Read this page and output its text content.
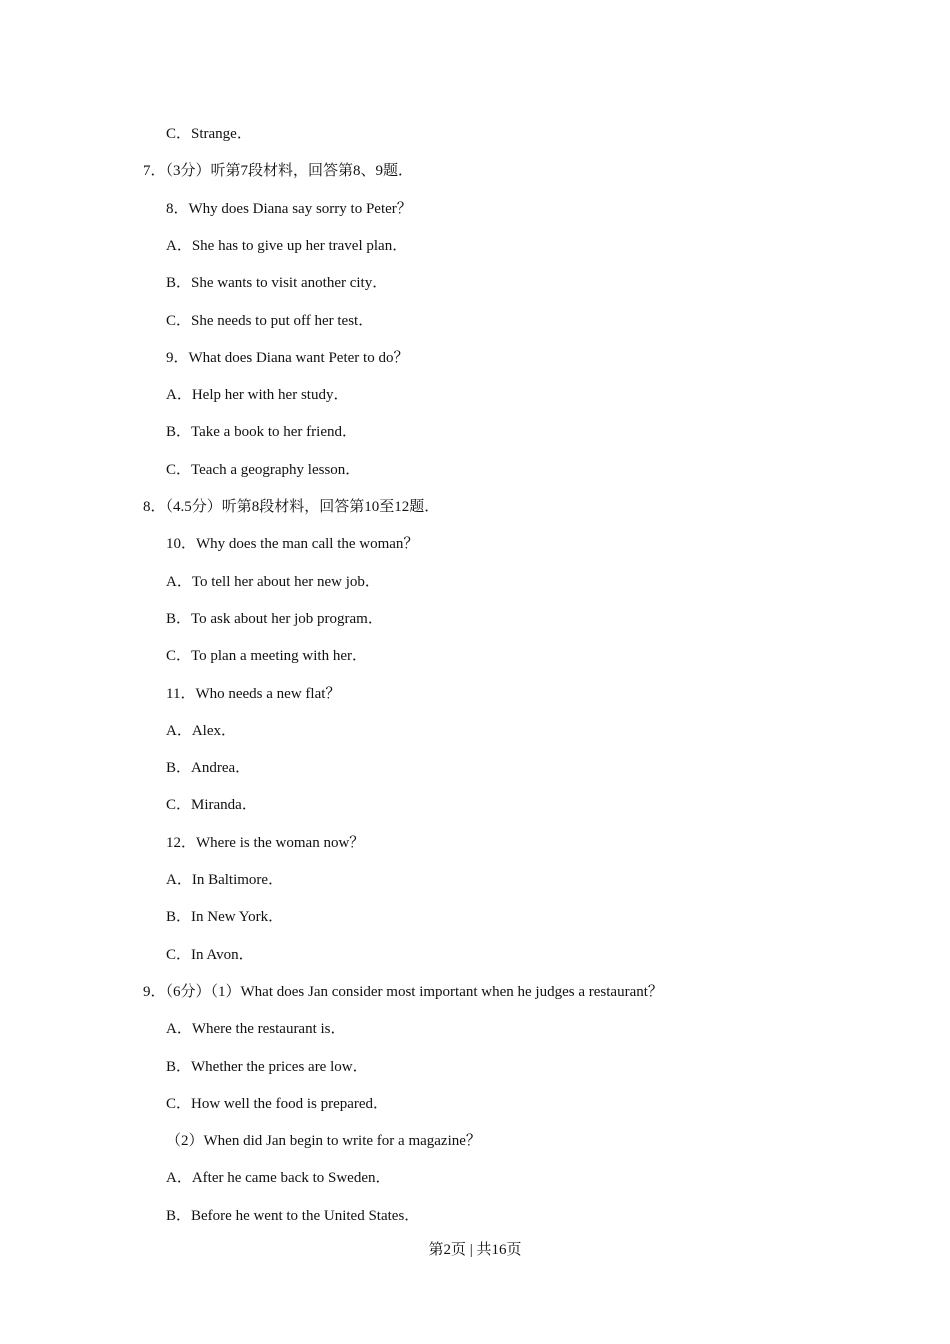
C．Strange．
7．（3分）听第7段材料，回答第8、9题．
8．Why does Diana say sorry to Peter？
A．She has to give up her travel plan．
B．She wants to visit another city．
C．She needs to put off her test．
9．What does Diana want Peter to do？
A．Help her with her study．
B．Take a book to her friend．
C．Teach a geography lesson．
8．（4.5分）听第8段材料，回答第10至12题．
10．Why does the man call the woman？
A．To tell her about her new job．
B．To ask about her job program．
C．To plan a meeting with her．
11．Who needs a new flat？
A．Alex．
B．Andrea．
C．Miranda．
12．Where is the woman now？
A．In Baltimore．
B．In New York．
C．In Avon．
9．（6分）（1）What does Jan consider most important when he judges a restaurant？
A．Where the restaurant is．
B．Whether the prices are low．
C．How well the food is prepared．
（2）When did Jan begin to write for a magazine？
A．After he came back to Sweden．
B．Before he went to the United States．
第2页 | 共16页
